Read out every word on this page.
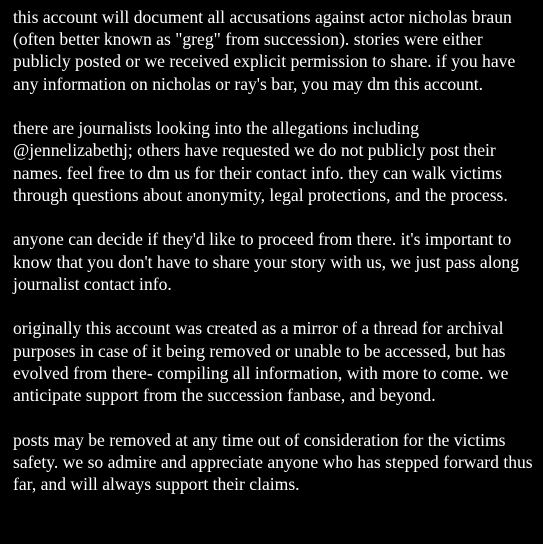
this account will document all accusations against actor nicholas braun (often better known as "greg" from succession). stories were either publicly posted or we received explicit permission to share. if you have any information on nicholas or ray's bar, you may dm this account.

there are journalists looking into the allegations including @jennelizabethj; others have requested we do not publicly post their names. feel free to dm us for their contact info. they can walk victims through questions about anonymity, legal protections, and the process.

anyone can decide if they'd like to proceed from there. it's important to know that you don't have to share your story with us, we just pass along journalist contact info.

originally this account was created as a mirror of a thread for archival purposes in case of it being removed or unable to be accessed, but has evolved from there- compiling all information, with more to come. we anticipate support from the succession fanbase, and beyond.

posts may be removed at any time out of consideration for the victims safety. we so admire and appreciate anyone who has stepped forward thus far, and will always support their claims.
